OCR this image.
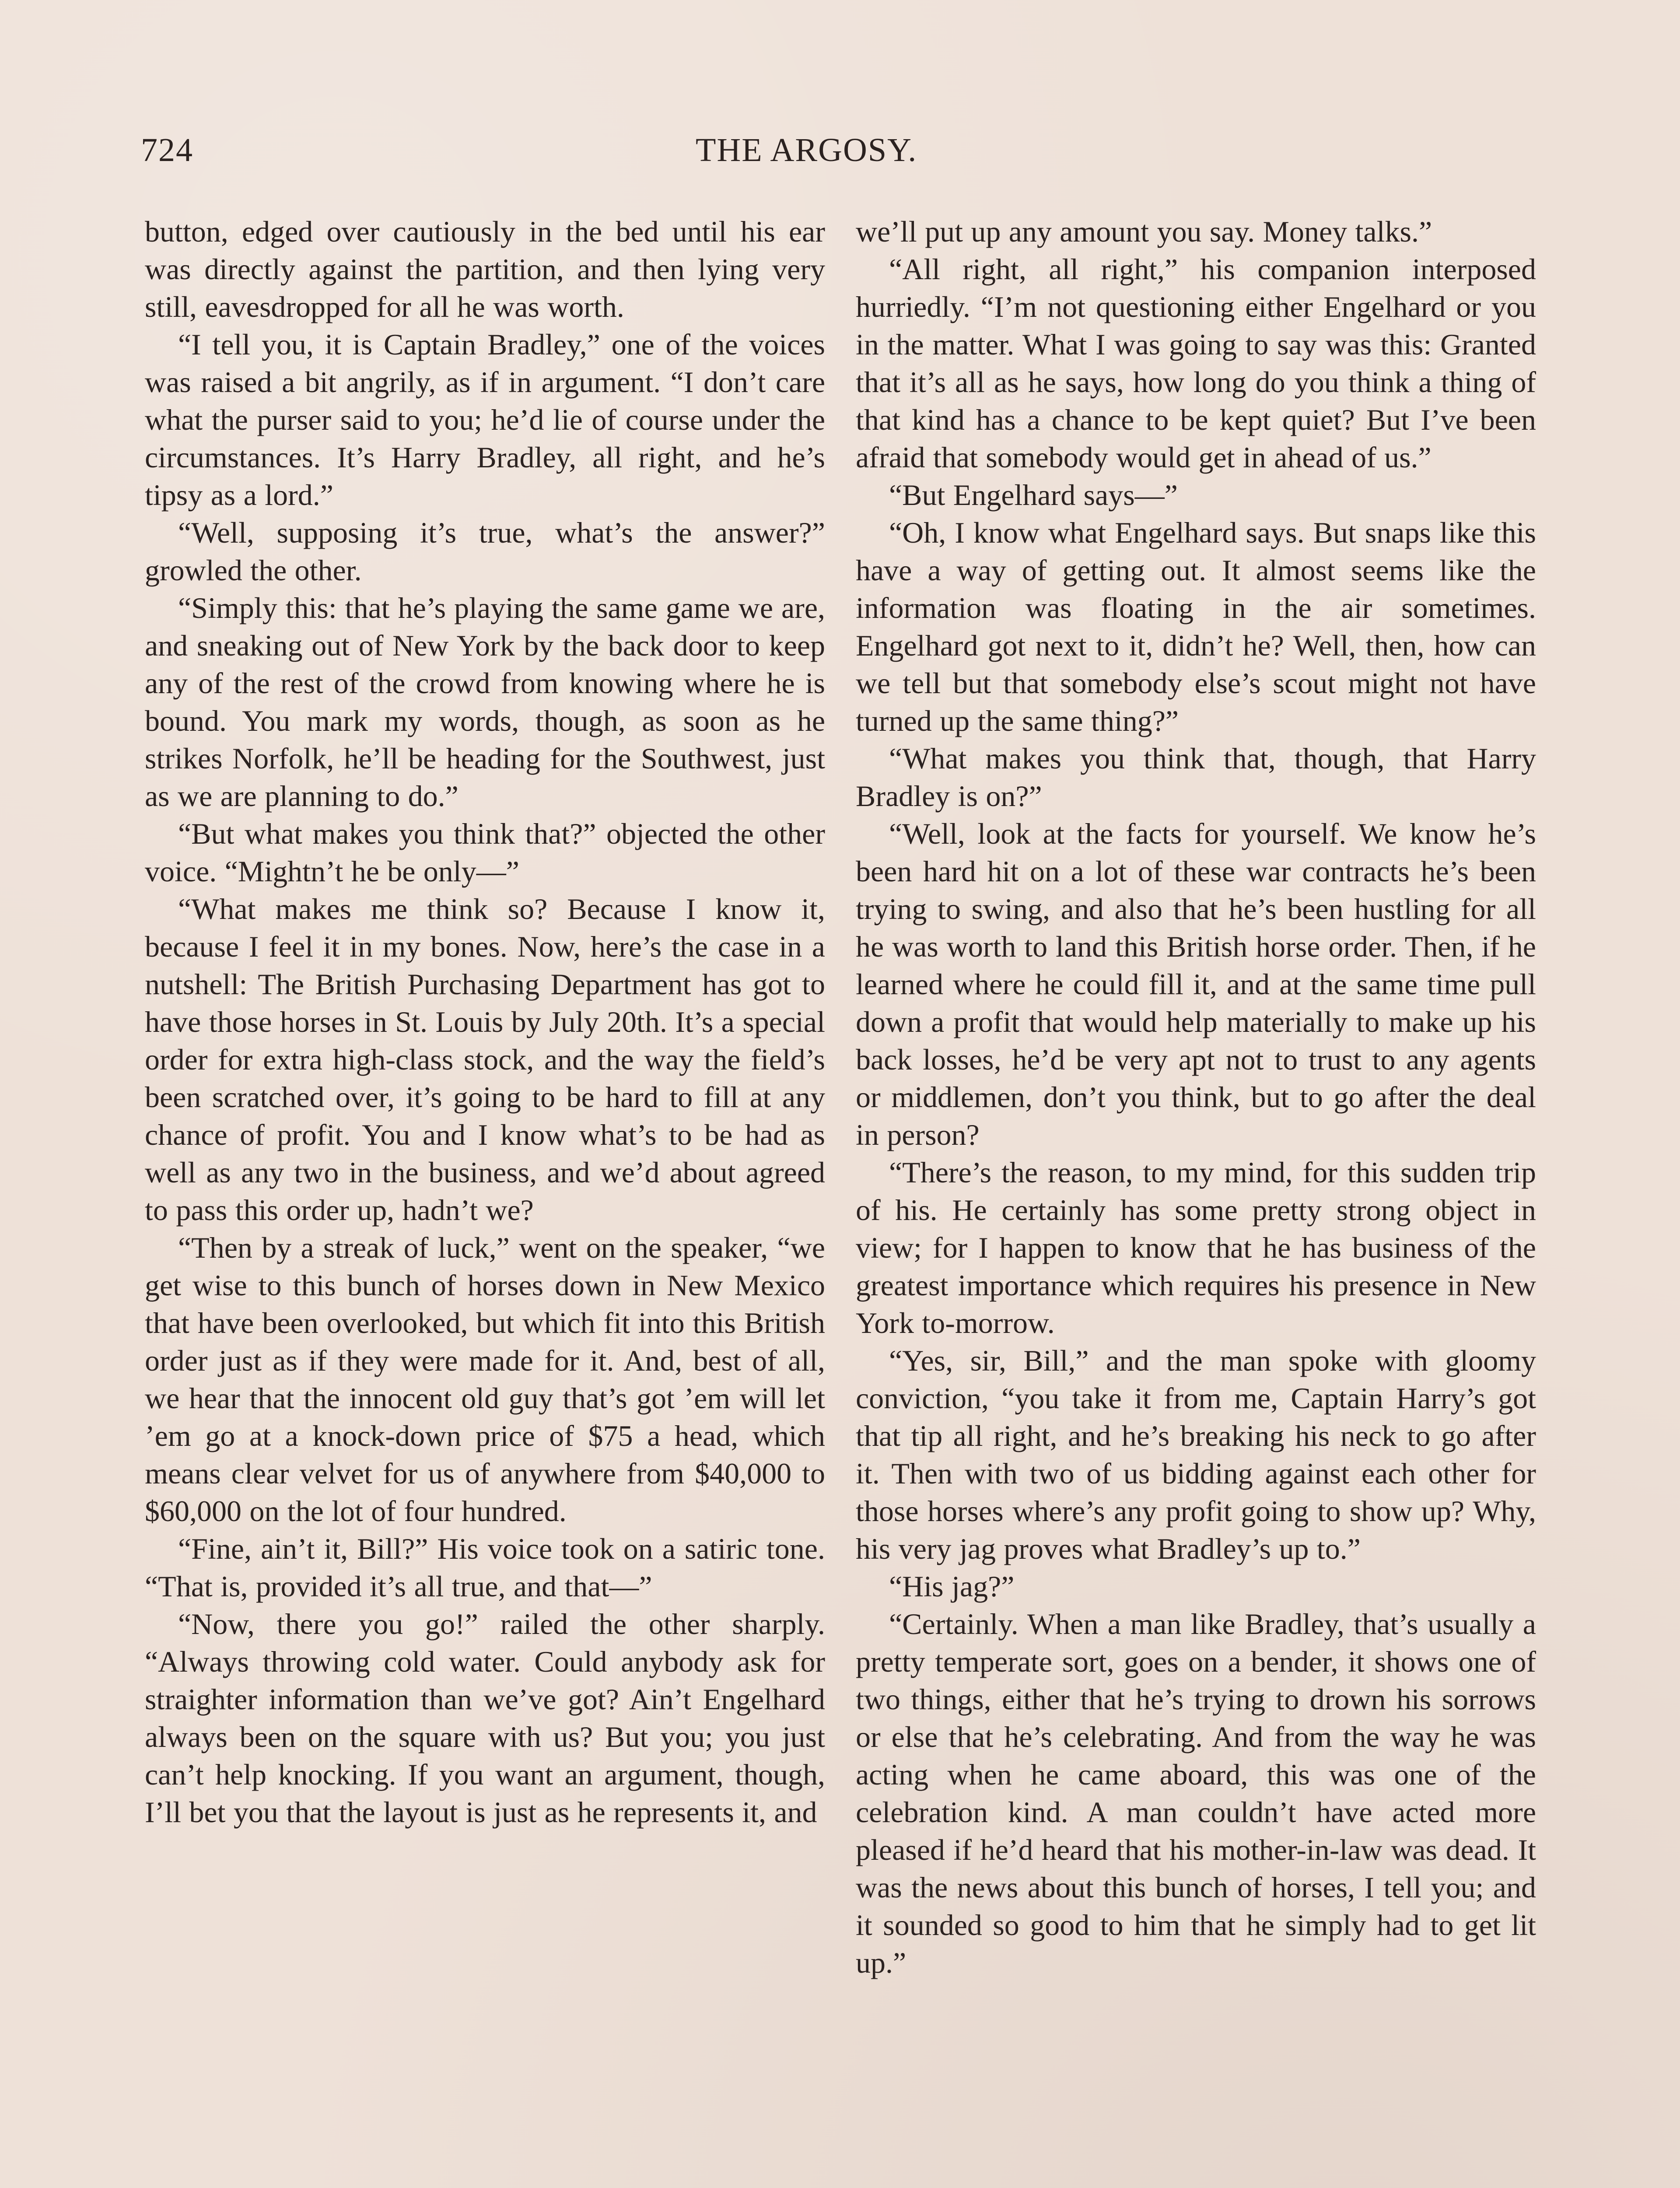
724	THE ARGOSY.

button, edged over cautiously in the bed until his ear was directly against the partition, and then lying very still, eavesdropped for all he was worth.

“I tell you, it is Captain Bradley,” one of the voices was raised a bit angrily, as if in argument. “I don’t care what the purser said to you; he’d lie of course under the circumstances. It’s Harry Bradley, all right, and he’s tipsy as a lord.”

“Well, supposing it’s true, what’s the answer?” growled the other.

“Simply this: that he’s playing the same game we are, and sneaking out of New York by the back door to keep any of the rest of the crowd from knowing where he is bound. You mark my words, though, as soon as he strikes Norfolk, he’ll be heading for the Southwest, just as we are planning to do.”

“But what makes you think that?” objected the other voice. “Mightn’t he be only—”

“What makes me think so? Because I know it, because I feel it in my bones. Now, here’s the case in a nutshell: The British Purchasing Department has got to have those horses in St. Louis by July 20th. It’s a special order for extra high-class stock, and the way the field’s been scratched over, it’s going to be hard to fill at any chance of profit. You and I know what’s to be had as well as any two in the business, and we’d about agreed to pass this order up, hadn’t we?

“Then by a streak of luck,” went on the speaker, “we get wise to this bunch of horses down in New Mexico that have been overlooked, but which fit into this British order just as if they were made for it. And, best of all, we hear that the innocent old guy that’s got ’em will let ’em go at a knock-down price of $75 a head, which means clear velvet for us of anywhere from $40,000 to $60,000 on the lot of four hundred.

“Fine, ain’t it, Bill?” His voice took on a satiric tone. “That is, provided it’s all true, and that—”

“Now, there you go!” railed the other sharply. “Always throwing cold water. Could anybody ask for straighter information than we’ve got? Ain’t Engelhard always been on the square with us? But you; you just can’t help knocking. If you want an argument, though, I’ll bet you that the layout is just as he represents it, and

we’ll put up any amount you say. Money talks.”

“All right, all right,” his companion interposed hurriedly. “I’m not questioning either Engelhard or you in the matter. What I was going to say was this: Granted that it’s all as he says, how long do you think a thing of that kind has a chance to be kept quiet? But I’ve been afraid that somebody would get in ahead of us.”

“But Engelhard says—”

“Oh, I know what Engelhard says. But snaps like this have a way of getting out. It almost seems like the information was floating in the air sometimes. Engelhard got next to it, didn’t he? Well, then, how can we tell but that somebody else’s scout might not have turned up the same thing?”

“What makes you think that, though, that Harry Bradley is on?”

“Well, look at the facts for yourself. We know he’s been hard hit on a lot of these war contracts he’s been trying to swing, and also that he’s been hustling for all he was worth to land this British horse order. Then, if he learned where he could fill it, and at the same time pull down a profit that would help materially to make up his back losses, he’d be very apt not to trust to any agents or middlemen, don’t you think, but to go after the deal in person?

“There’s the reason, to my mind, for this sudden trip of his. He certainly has some pretty strong object in view; for I happen to know that he has business of the greatest importance which requires his presence in New York to-morrow.

“Yes, sir, Bill,” and the man spoke with gloomy conviction, “you take it from me, Captain Harry’s got that tip all right, and he’s breaking his neck to go after it. Then with two of us bidding against each other for those horses where’s any profit going to show up? Why, his very jag proves what Bradley’s up to.”

“His jag?”

“Certainly. When a man like Bradley, that’s usually a pretty temperate sort, goes on a bender, it shows one of two things, either that he’s trying to drown his sorrows or else that he’s celebrating. And from the way he was acting when he came aboard, this was one of the celebration kind. A man couldn’t have acted more pleased if he’d heard that his mother-in-law was dead. It was the news about this bunch of horses, I tell you; and it sounded so good to him that he simply had to get lit up.”
